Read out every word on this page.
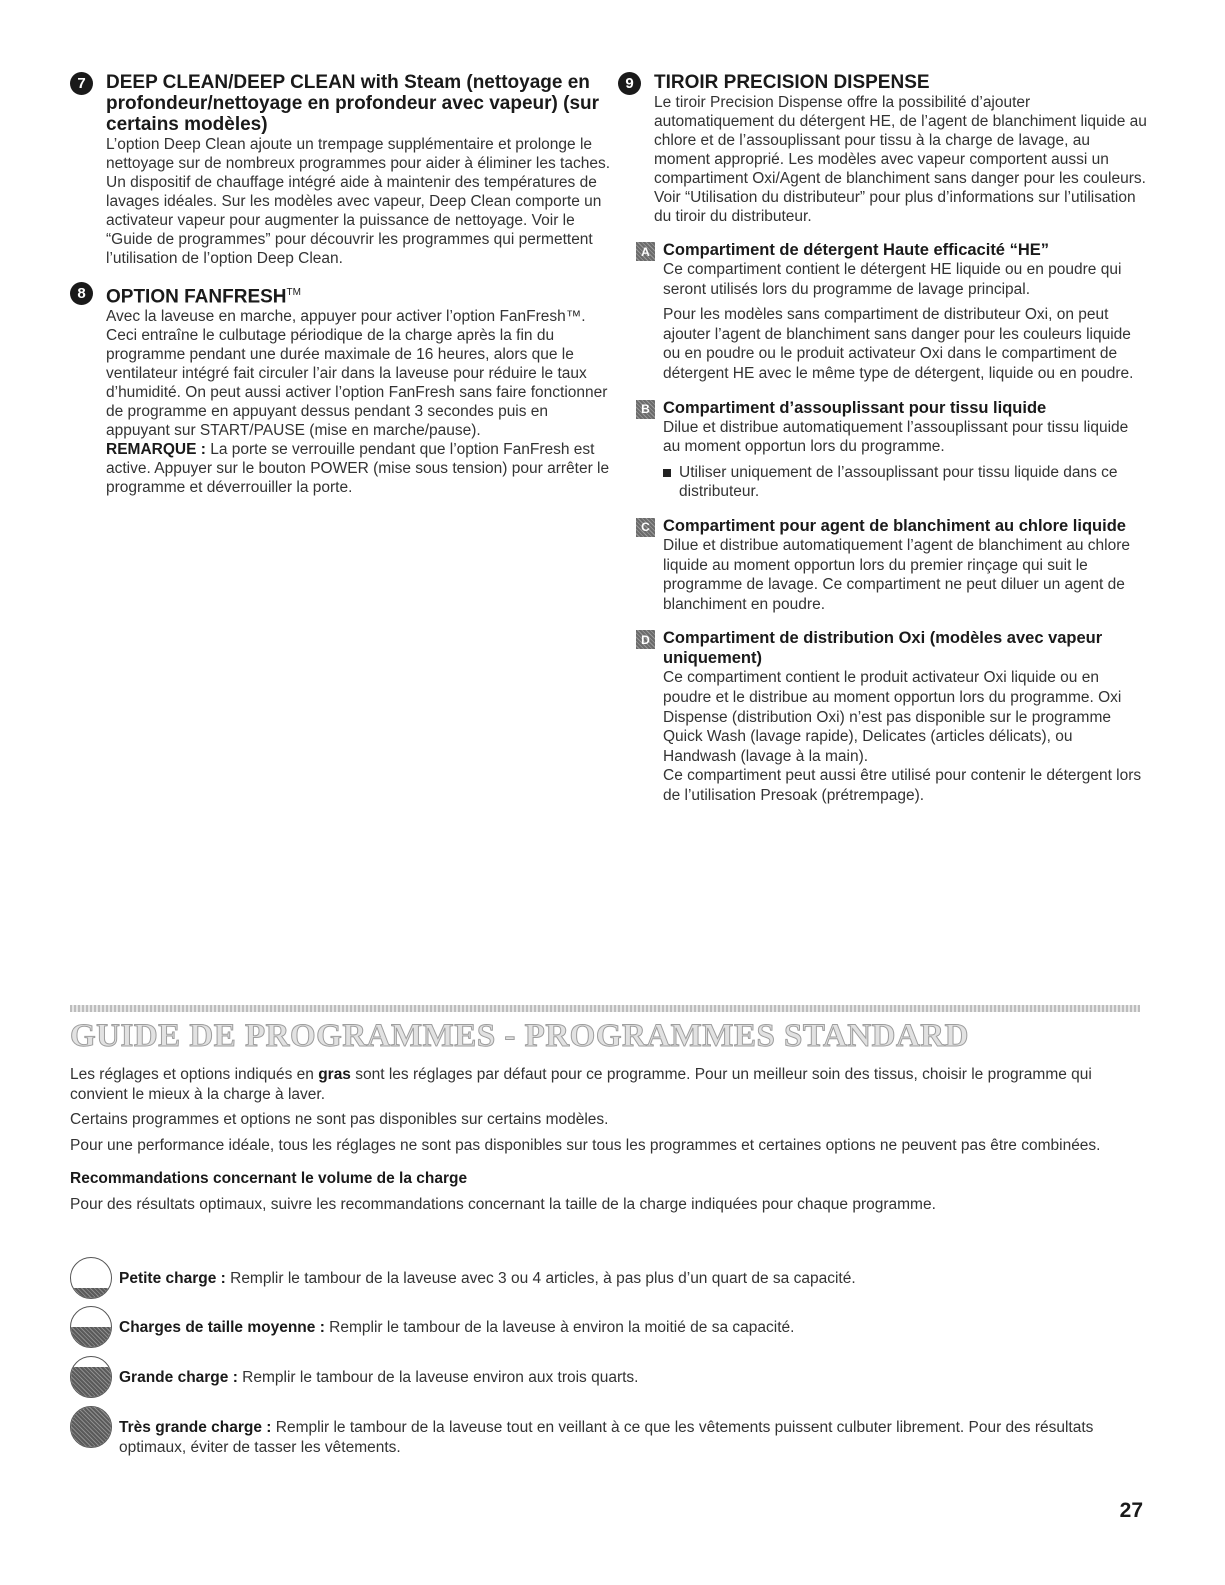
7	DEEP CLEAN/DEEP CLEAN with Steam (nettoyage en profondeur/nettoyage en profondeur avec vapeur) (sur certains modèles)

L’option Deep Clean ajoute un trempage supplémentaire et prolonge le nettoyage sur de nombreux programmes pour aider à éliminer les taches. Un dispositif de chauffage intégré aide à maintenir des températures de lavages idéales. Sur les modèles avec vapeur, Deep Clean comporte un activateur vapeur pour augmenter la puissance de nettoyage. Voir le “Guide de programmes” pour découvrir les programmes qui permettent l’utilisation de l’option Deep Clean.

8	OPTION FANFRESH™

Avec la laveuse en marche, appuyer pour activer l’option FanFresh™. Ceci entraîne le culbutage périodique de la charge après la fin du programme pendant une durée maximale de 16 heures, alors que le ventilateur intégré fait circuler l’air dans la laveuse pour réduire le taux d’humidité. On peut aussi activer l’option FanFresh sans faire fonctionner de programme en appuyant dessus pendant 3 secondes puis en appuyant sur START/PAUSE (mise en marche/pause).

REMARQUE : La porte se verrouille pendant que l’option FanFresh est active. Appuyer sur le bouton POWER (mise sous tension) pour arrêter le programme et déverrouiller la porte.

9	TIROIR PRECISION DISPENSE

Le tiroir Precision Dispense offre la possibilité d’ajouter automatiquement du détergent HE, de l’agent de blanchiment liquide au chlore et de l’assouplissant pour tissu à la charge de lavage, au moment approprié. Les modèles avec vapeur comportent aussi un compartiment Oxi/Agent de blanchiment sans danger pour les couleurs. Voir “Utilisation du distributeur” pour plus d’informations sur l’utilisation du tiroir du distributeur.

A Compartiment de détergent Haute efficacité “HE”

Ce compartiment contient le détergent HE liquide ou en poudre qui seront utilisés lors du programme de lavage principal.

Pour les modèles sans compartiment de distributeur Oxi, on peut ajouter l’agent de blanchiment sans danger pour les couleurs liquide ou en poudre ou le produit activateur Oxi dans le compartiment de détergent HE avec le même type de détergent, liquide ou en poudre.

B Compartiment d’assouplissant pour tissu liquide

Dilue et distribue automatiquement l’assouplissant pour tissu liquide au moment opportun lors du programme.

Utiliser uniquement de l’assouplissant pour tissu liquide dans ce distributeur.

C Compartiment pour agent de blanchiment au chlore liquide

Dilue et distribue automatiquement l’agent de blanchiment au chlore liquide au moment opportun lors du premier rinçage qui suit le programme de lavage. Ce compartiment ne peut diluer un agent de blanchiment en poudre.

D Compartiment de distribution Oxi (modèles avec vapeur uniquement)

Ce compartiment contient le produit activateur Oxi liquide ou en poudre et le distribue au moment opportun lors du programme. Oxi Dispense (distribution Oxi) n’est pas disponible sur le programme Quick Wash (lavage rapide), Delicates (articles délicats), ou Handwash (lavage à la main).

Ce compartiment peut aussi être utilisé pour contenir le détergent lors de l’utilisation Presoak (prétrempage).

GUIDE DE PROGRAMMES - PROGRAMMES STANDARD

Les réglages et options indiqués en gras sont les réglages par défaut pour ce programme. Pour un meilleur soin des tissus, choisir le programme qui convient le mieux à la charge à laver.

Certains programmes et options ne sont pas disponibles sur certains modèles.

Pour une performance idéale, tous les réglages ne sont pas disponibles sur tous les programmes et certaines options ne peuvent pas être combinées.

Recommandations concernant le volume de la charge

Pour des résultats optimaux, suivre les recommandations concernant la taille de la charge indiquées pour chaque programme.

Petite charge : Remplir le tambour de la laveuse avec 3 ou 4 articles, à pas plus d’un quart de sa capacité.
Charges de taille moyenne : Remplir le tambour de la laveuse à environ la moitié de sa capacité.
Grande charge : Remplir le tambour de la laveuse environ aux trois quarts.
Très grande charge : Remplir le tambour de la laveuse tout en veillant à ce que les vêtements puissent culbuter librement. Pour des résultats optimaux, éviter de tasser les vêtements.
27
